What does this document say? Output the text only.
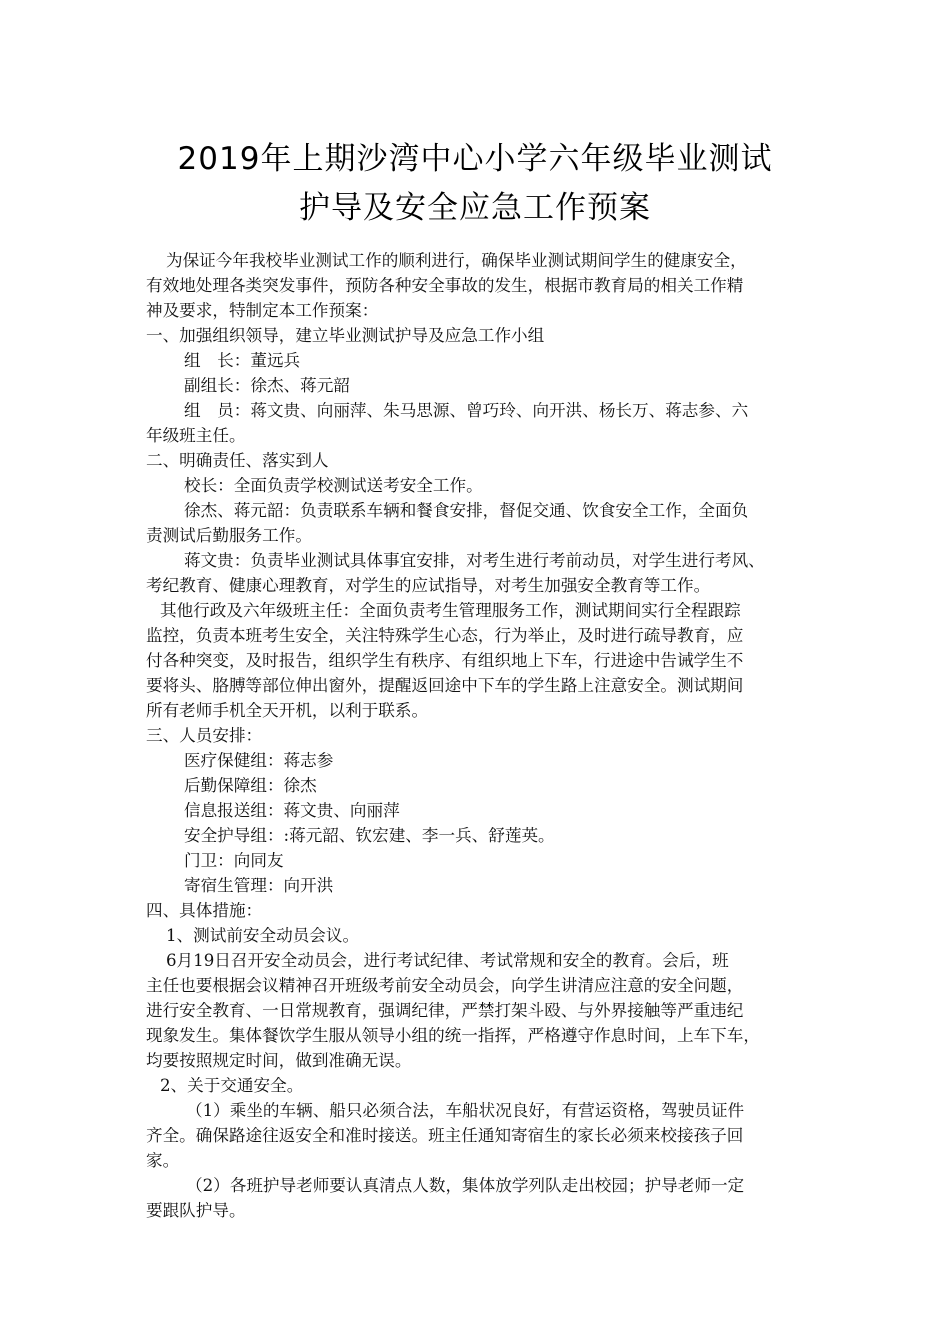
2019年上期沙湾中心小学六年级毕业测试
护导及安全应急工作预案

为保证今年我校毕业测试工作的顺利进行，确保毕业测试期间学生的健康安全，

有效地处理各类突发事件，预防各种安全事故的发生，根据市教育局的相关工作精

神及要求，特制定本工作预案：

一、加强组织领导，建立毕业测试护导及应急工作小组

组　长：董远兵

副组长：徐杰、蒋元韶

组　员：蒋文贵、向丽萍、朱马思源、曾巧玲、向开洪、杨长万、蒋志参、六

年级班主任。

二、明确责任、落实到人

校长：全面负责学校测试送考安全工作。

徐杰、蒋元韶：负责联系车辆和餐食安排，督促交通、饮食安全工作，全面负

责测试后勤服务工作。

蒋文贵：负责毕业测试具体事宜安排，对考生进行考前动员，对学生进行考风、

考纪教育、健康心理教育，对学生的应试指导，对考生加强安全教育等工作。

其他行政及六年级班主任：全面负责考生管理服务工作，测试期间实行全程跟踪

监控，负责本班考生安全，关注特殊学生心态，行为举止，及时进行疏导教育，应

付各种突变，及时报告，组织学生有秩序、有组织地上下车，行进途中告诫学生不

要将头、胳膊等部位伸出窗外，提醒返回途中下车的学生路上注意安全。测试期间

所有老师手机全天开机，以利于联系。

三、人员安排：

医疗保健组：蒋志参

后勤保障组：徐杰

信息报送组：蒋文贵、向丽萍

安全护导组：:蒋元韶、钦宏建、李一兵、舒莲英。

门卫：向同友

寄宿生管理：向开洪

四、具体措施：

1、测试前安全动员会议。

6月19日召开安全动员会，进行考试纪律、考试常规和安全的教育。会后，班

主任也要根据会议精神召开班级考前安全动员会，向学生讲清应注意的安全问题，

进行安全教育、一日常规教育，强调纪律，严禁打架斗殴、与外界接触等严重违纪

现象发生。集体餐饮学生服从领导小组的统一指挥，严格遵守作息时间，上车下车，

均要按照规定时间，做到准确无误。

2、关于交通安全。

（1）乘坐的车辆、船只必须合法，车船状况良好，有营运资格，驾驶员证件

齐全。确保路途往返安全和准时接送。班主任通知寄宿生的家长必须来校接孩子回

家。

（2）各班护导老师要认真清点人数，集体放学列队走出校园；护导老师一定

要跟队护导。
